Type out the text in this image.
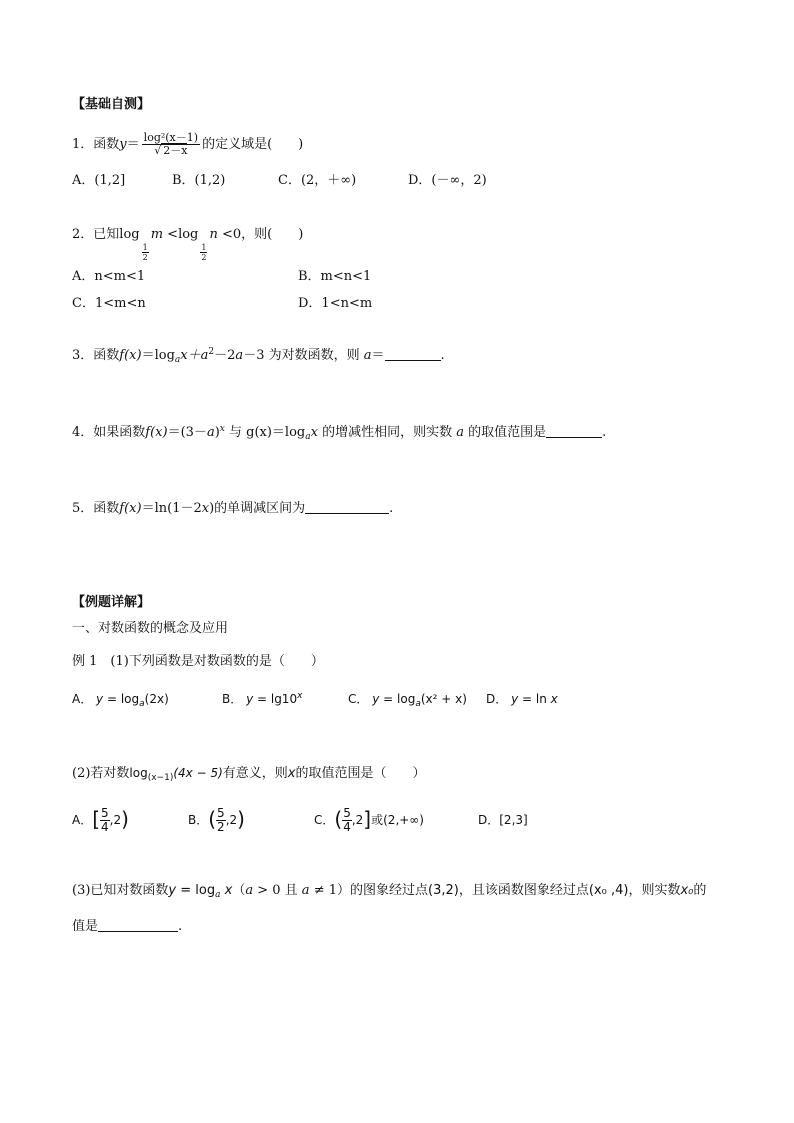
【基础自测】
1．函数$y= \frac{\text{log²(x－1)}}{√ 2-x}$ 的定义域是(　　)
A．(1,2]	B．(1,2)	C．(2，＋∞)	D．(－∞，2)
2．已知log
$\frac{1}{2}$
m <log
$\frac{1}{2}$
n <0，则(　　)
A．n<m<1	B．m<n<1
C．1<m<n	D．1<n<m
3．函数$f(x)=\log_ax+a^2-2a-3$ 为对数函数，则 a＝	.
4．如果函数$f(x)=(3-a)^x$ 与 $g(x)=\log_ax$ 的增减性相同，则实数 a 的取值范围是	.
5．函数f(x)＝ln(1－2x)的单调减区间为	.
【例题详解】
一、对数函数的概念及应用
例 1　(1)下列函数是对数函数的是（　　）
A． $y = \log_a(2x)$	B． $y = \lg 10^x$	C． $y = \log_a(x^2 + x)$ D． y = ln x
(2)若对数$\log_{(x-1)}(4x - 5)$有意义，则x的取值范围是（　　）
A．[ $\frac{5}{4} ,2$)	B．( $\frac{5}{2} ,2$)	C．( $\frac{5}{4} ,2$]或(2,+∞)	D．[2,3]
(3)已知对数函数$y = \log_a x(a > 0$ 且 a ≠ 1）的图象经过点(3,2)，且该函数图象经过点(x₀ ,4)，则实数x₀的
值是	.
